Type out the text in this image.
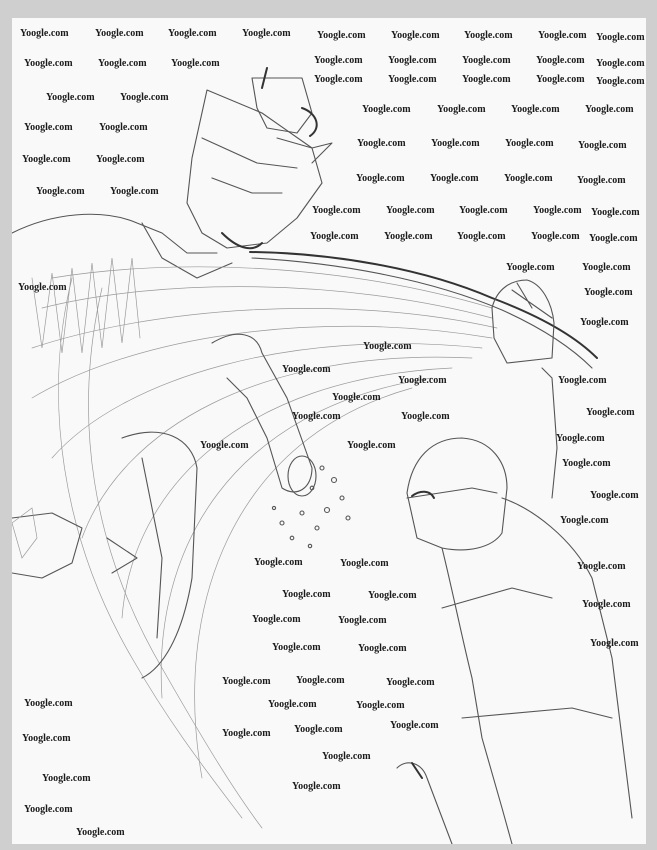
Yoogle.com	Yoogle.com Yoogle.com	Yoogle.com	Yoogle.com	Yoogle.com Yoogle.com	Yoogle.com Yoogle.com
Yoogle.com	Yoogle.com Yoogle.com	Yoogle.com	Yoogle.com	Yoogle.com	Yoogle.com Yoogle.com
Yoogle.com	Yoogle.com	Yoogle.com	Yoogle.com Yoogle.com
Yoogle.com	Yoogle.com
Yoogle.com	Yoogle.com	Yoogle.com	Yoogle.com
Yoogle.com	Yoogle.com
Yoogle.com	Yoogle.com	Yoogle.com Yoogle.com
Yoogle.com	Yoogle.com
Yoogle.com	Yoogle.com	Yoogle.com Yoogle.com
Yoogle.com	Yoogle.com
Yoogle.com	Yoogle.com Yoogle.com	Yoogle.com Yoogle.com
Yoogle.com	Yoogle.com Yoogle.com	Yoogle.com Yoogle.com
Yoogle.com	Yoogle.com
Yoogle.com	Yoogle.com
Yoogle.com
Yoogle.com
Yoogle.com
Yoogle.com	Yoogle.com
Yoogle.com
Yoogle.com
Yoogle.com	Yoogle.com
Yoogle.com
Yoogle.com	Yoogle.com
Yoogle.com
Yoogle.com
Yoogle.com
Yoogle.com	Yoogle.com	Yoogle.com
Yoogle.com	Yoogle.com
Yoogle.com
Yoogle.com	Yoogle.com
Yoogle.com
Yoogle.com	Yoogle.com
Yoogle.com	Yoogle.com	Yoogle.com
Yoogle.com	Yoogle.com	Yoogle.com
Yoogle.com
Yoogle.com Yoogle.com
Yoogle.com
Yoogle.com
Yoogle.com
Yoogle.com
Yoogle.com
Yoogle.com
